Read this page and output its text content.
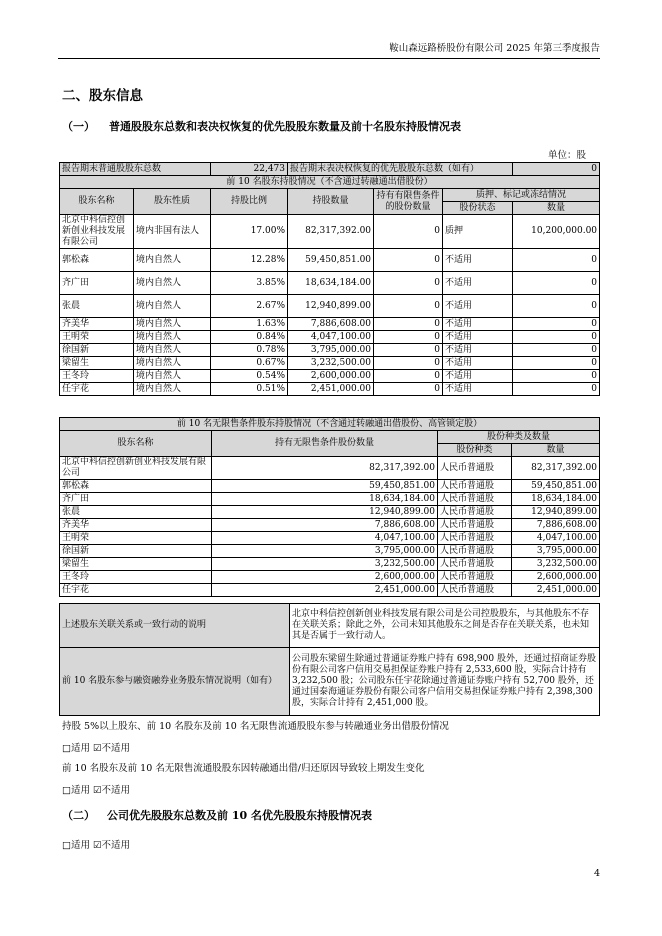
鞍山森远路桥股份有限公司 2025 年第三季度报告
二、股东信息
（一） 普通股股东总数和表决权恢复的优先股股东数量及前十名股东持股情况表
单位：股
报告期末普通股股东总数		22,473	报告期末表决权恢复的优先股股东总数（如有）			0
前 10 名股东持股情况（不含通过转融通出借股份）						
股东名称	股东性质	持股比例	持股数量	持有有限售条件的股份数量	质押、标记或冻结情况	
					股份状态	数量
北京中科信控创新创业科技发展有限公司	境内非国有法人	17.00%	82,317,392.00	0	质押	10,200,000.00
郭松森	境内自然人	12.28%	59,450,851.00	0	不适用	0
齐广田	境内自然人	3.85%	18,634,184.00	0	不适用	0
张晨	境内自然人	2.67%	12,940,899.00	0	不适用	0
齐美华	境内自然人	1.63%	7,886,608.00	0	不适用	0
王明荣	境内自然人	0.84%	4,047,100.00	0	不适用	0
徐国新	境内自然人	0.78%	3,795,000.00	0	不适用	0
梁留生	境内自然人	0.67%	3,232,500.00	0	不适用	0
王冬玲	境内自然人	0.54%	2,600,000.00	0	不适用	0
任宇花	境内自然人	0.51%	2,451,000.00	0	不适用	0
前 10 名无限售条件股东持股情况（不含通过转融通出借股份、高管锁定股）			
股东名称	持有无限售条件股份数量	股份种类及数量	
		股份种类	数量
北京中科信控创新创业科技发展有限公司	82,317,392.00	人民币普通股	82,317,392.00
郭松森	59,450,851.00	人民币普通股	59,450,851.00
齐广田	18,634,184.00	人民币普通股	18,634,184.00
张晨	12,940,899.00	人民币普通股	12,940,899.00
齐美华	7,886,608.00	人民币普通股	7,886,608.00
王明荣	4,047,100.00	人民币普通股	4,047,100.00
徐国新	3,795,000.00	人民币普通股	3,795,000.00
梁留生	3,232,500.00	人民币普通股	3,232,500.00
王冬玲	2,600,000.00	人民币普通股	2,600,000.00
任宇花	2,451,000.00	人民币普通股	2,451,000.00
上述股东关联关系或一致行动的说明	北京中科信控创新创业科技发展有限公司是公司控股股东，与其他股东不存在关联关系；除此之外，公司未知其他股东之间是否存在关联关系，也未知其是否属于一致行动人。
前 10 名股东参与融资融券业务股东情况说明（如有）	公司股东梁留生除通过普通证券账户持有 698,900 股外，还通过招商证券股份有限公司客户信用交易担保证券账户持有 2,533,600 股，实际合计持有 3,232,500 股；公司股东任宇花除通过普通证券账户持有 52,700 股外，还通过国泰海通证券股份有限公司客户信用交易担保证券账户持有 2,398,300 股，实际合计持有 2,451,000 股。
持股 5%以上股东、前 10 名股东及前 10 名无限售流通股股东参与转融通业务出借股份情况
□适用 ☑不适用
前 10 名股东及前 10 名无限售流通股股东因转融通出借/归还原因导致较上期发生变化
□适用 ☑不适用
（二） 公司优先股股东总数及前 10 名优先股股东持股情况表
□适用 ☑不适用
4
